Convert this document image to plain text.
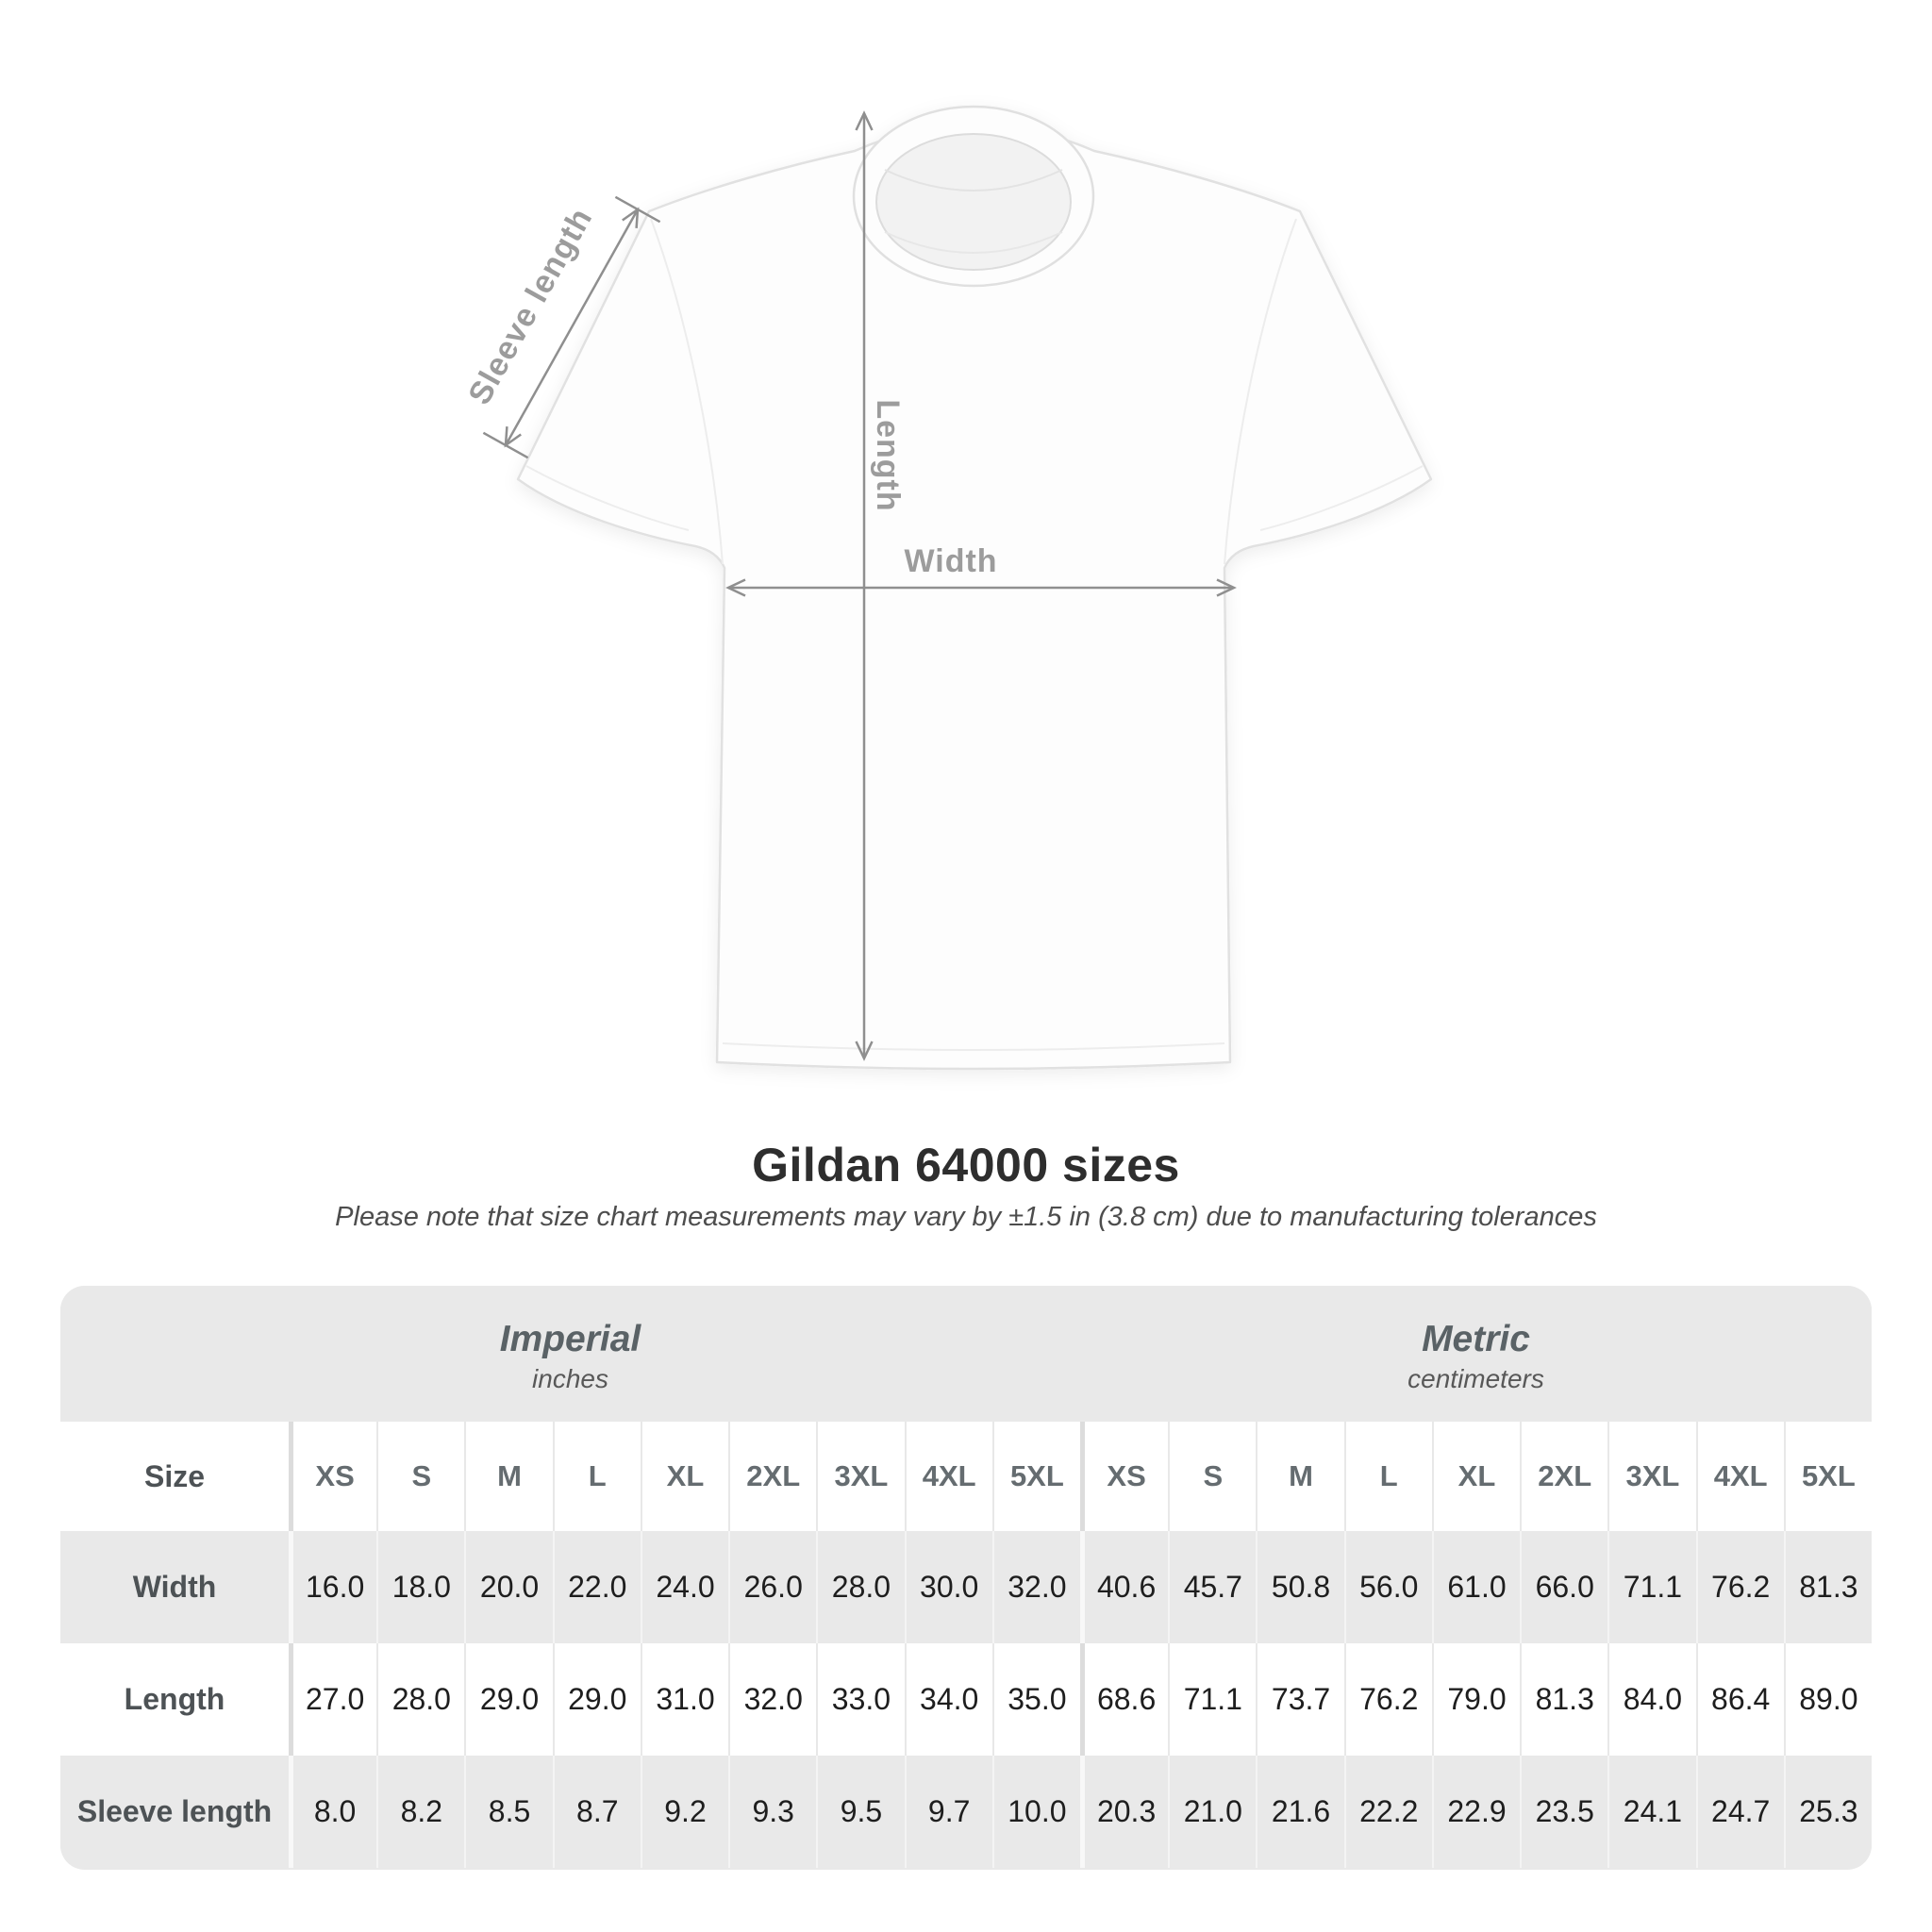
Sleeve length
Length
Width
Gildan 64000 sizes
Please note that size chart measurements may vary by ±1.5 in (3.8 cm) due to manufacturing tolerances
Imperial
inches
Metric
centimeters
Size	XS	S	M	L	XL	2XL	3XL	4XL	5XL	XS	S	M	L	XL	2XL	3XL	4XL	5XL
Width	16.0 18.0 20.0 22.0 24.0 26.0 28.0 30.0 32.0	40.6 45.7 50.8 56.0 61.0 66.0 71.1 76.2 81.3
Length	27.0 28.0 29.0 29.0 31.0 32.0 33.0 34.0 35.0	68.6 71.1 73.7 76.2 79.0 81.3 84.0 86.4 89.0
Sleeve length	8.0	8.2	8.5	8.7	9.2	9.3	9.5	9.7	10.0	20.3 21.0 21.6 22.2 22.9 23.5 24.1 24.7 25.3
